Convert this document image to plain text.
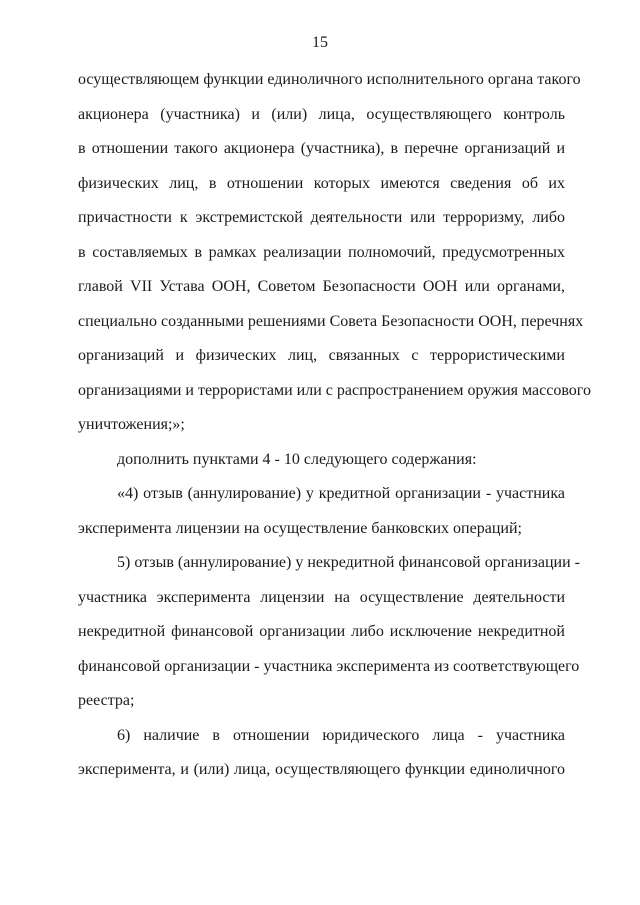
15
осуществляющем функции единоличного исполнительного органа такого
акционера (участника) и (или) лица, осуществляющего контроль
в отношении такого акционера (участника), в перечне организаций и
физических лиц, в отношении которых имеются сведения об их
причастности к экстремистской деятельности или терроризму, либо
в составляемых в рамках реализации полномочий, предусмотренных
главой VII Устава ООН, Советом Безопасности ООН или органами,
специально созданными решениями Совета Безопасности ООН, перечнях
организаций и физических лиц, связанных с террористическими
организациями и террористами или с распространением оружия массового
уничтожения;»;
дополнить пунктами 4 - 10 следующего содержания:
«4) отзыв (аннулирование) у кредитной организации - участника
эксперимента лицензии на осуществление банковских операций;
5) отзыв (аннулирование) у некредитной финансовой организации -
участника эксперимента лицензии на осуществление деятельности
некредитной финансовой организации либо исключение некредитной
финансовой организации - участника эксперимента из соответствующего
реестра;
6) наличие в отношении юридического лица - участника
эксперимента, и (или) лица, осуществляющего функции единоличного
